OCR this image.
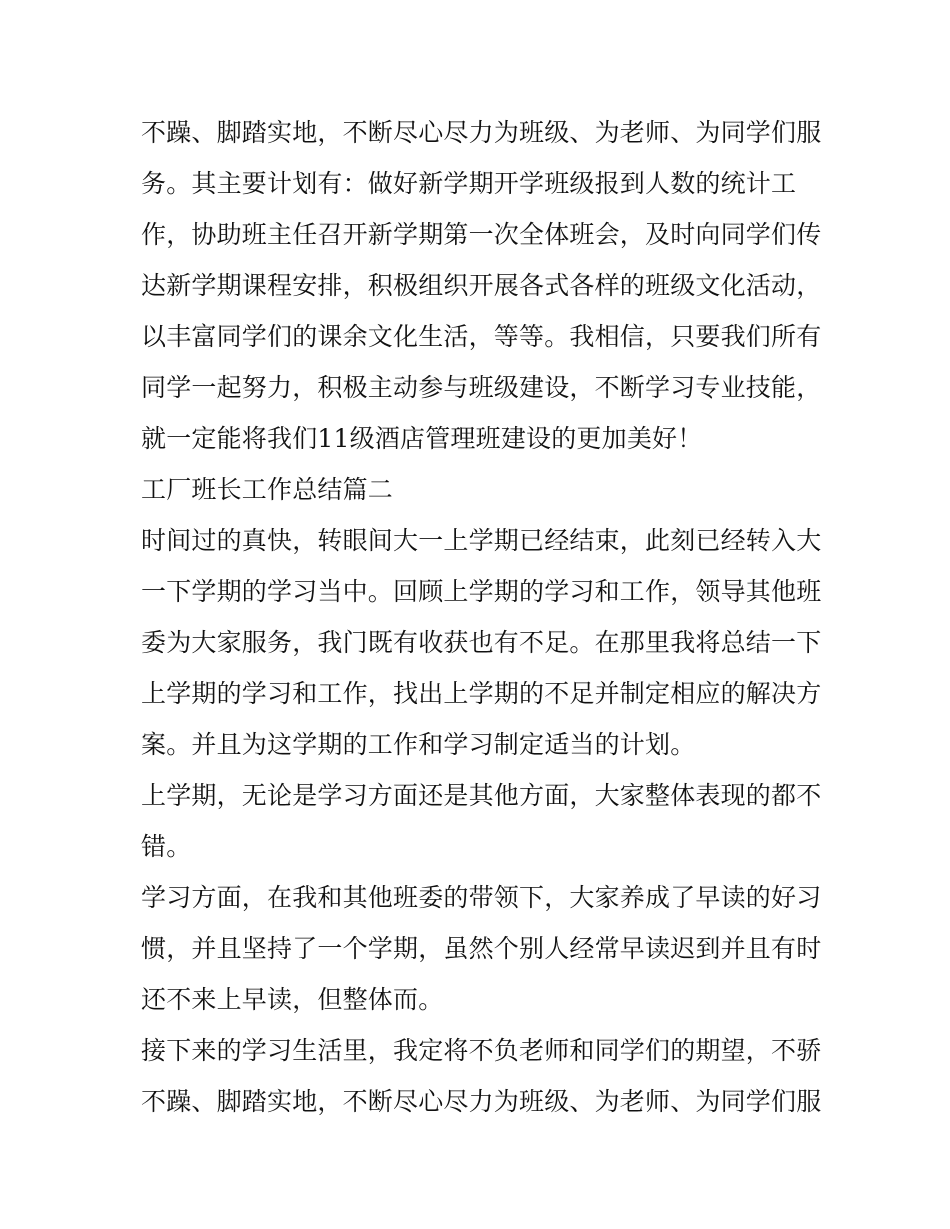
不躁、脚踏实地，不断尽心尽力为班级、为老师、为同学们服
务。其主要计划有：做好新学期开学班级报到人数的统计工
作，协助班主任召开新学期第一次全体班会，及时向同学们传
达新学期课程安排，积极组织开展各式各样的班级文化活动，
以丰富同学们的课余文化生活，等等。我相信，只要我们所有
同学一起努力，积极主动参与班级建设，不断学习专业技能，
就一定能将我们11级酒店管理班建设的更加美好！
工厂班长工作总结篇二
时间过的真快，转眼间大一上学期已经结束，此刻已经转入大
一下学期的学习当中。回顾上学期的学习和工作，领导其他班
委为大家服务，我门既有收获也有不足。在那里我将总结一下
上学期的学习和工作，找出上学期的不足并制定相应的解决方
案。并且为这学期的工作和学习制定适当的计划。
上学期，无论是学习方面还是其他方面，大家整体表现的都不
错。
学习方面，在我和其他班委的带领下，大家养成了早读的好习
惯，并且坚持了一个学期，虽然个别人经常早读迟到并且有时
还不来上早读，但整体而。
接下来的学习生活里，我定将不负老师和同学们的期望，不骄
不躁、脚踏实地，不断尽心尽力为班级、为老师、为同学们服
